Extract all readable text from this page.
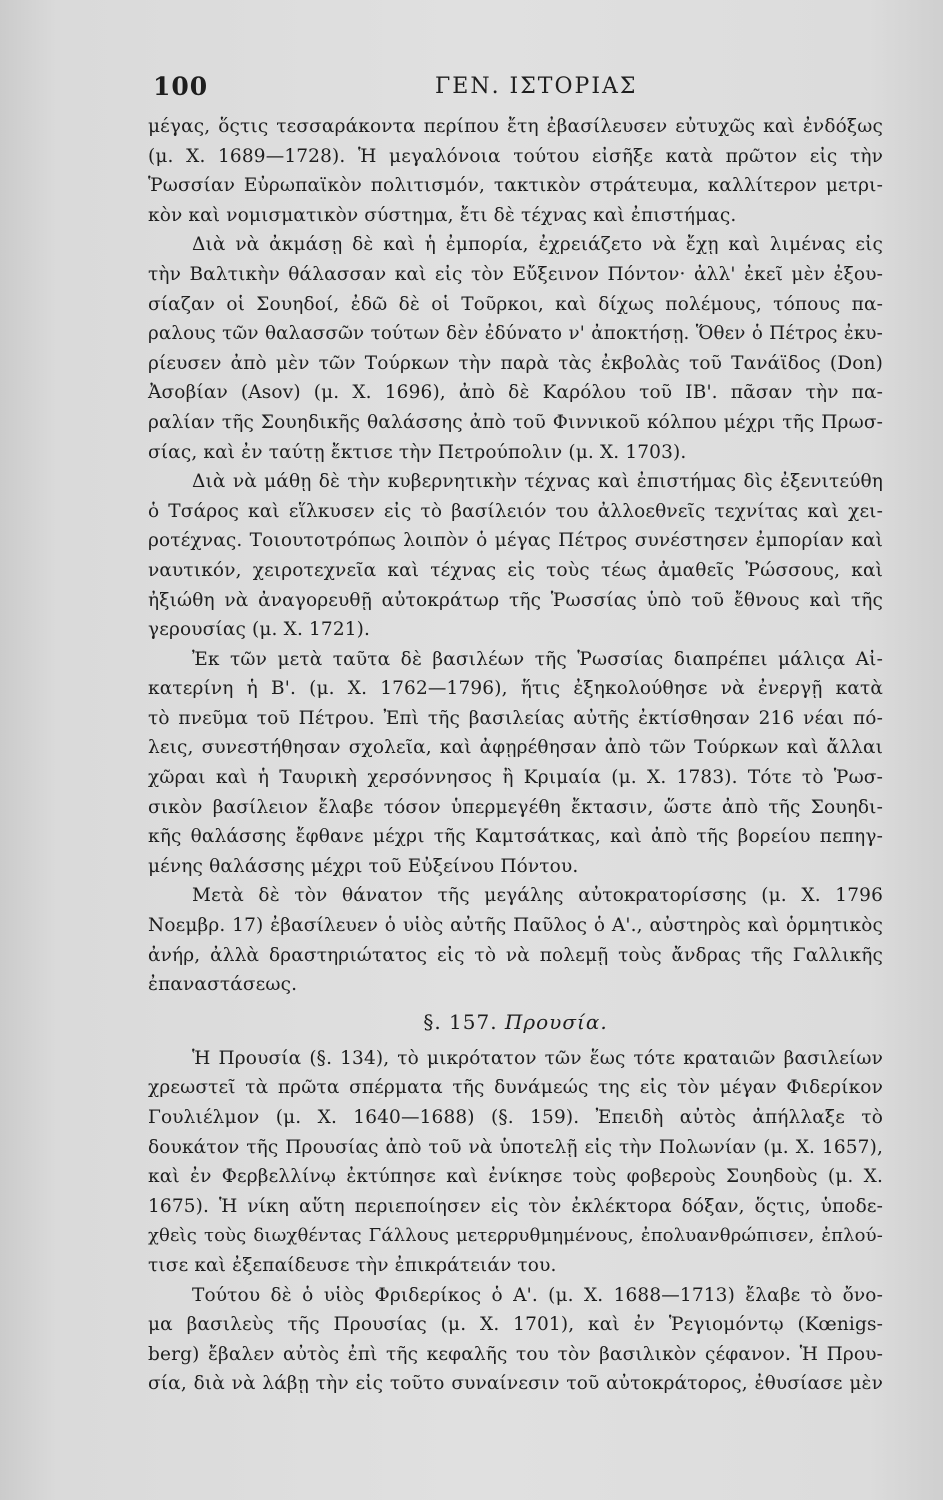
100	ΓΕΝ. ΙΣΤΟΡΙΑΣ
μέγας, ὅςτις τεσσαράκοντα περίπου ἔτη ἐβασίλευσεν εὐτυχῶς καὶ ἐνδόξως
(μ. Χ. 1689—1728). Ἡ μεγαλόνοια τούτου εἰσῆξε κατὰ πρῶτον εἰς τὴν
Ῥωσσίαν Εὐρωπαϊκὸν πολιτισμόν, τακτικὸν στράτευμα, καλλίτερον μετρι-
κὸν καὶ νομισματικὸν σύστημα, ἔτι δὲ τέχνας καὶ ἐπιστήμας.
Διὰ νὰ ἀκμάσῃ δὲ καὶ ἡ ἐμπορία, ἐχρειάζετο νὰ ἔχῃ καὶ λιμένας εἰς
τὴν Βαλτικὴν θάλασσαν καὶ εἰς τὸν Εὔξεινον Πόντον· ἀλλ' ἐκεῖ μὲν ἐξου-
σίαζαν οἱ Σουηδοί, ἐδῶ δὲ οἱ Τοῦρκοι, καὶ δίχως πολέμους, τόπους πα-
ραλους τῶν θαλασσῶν τούτων δὲν ἐδύνατο ν' ἀποκτήσῃ. Ὅθεν ὁ Πέτρος ἐκυ-
ρίευσεν ἀπὸ μὲν τῶν Τούρκων τὴν παρὰ τὰς ἐκβολὰς τοῦ Τανάϊδος (Don)
Ἀσοβίαν (Asov) (μ. Χ. 1696), ἀπὸ δὲ Καρόλου τοῦ ΙΒ'. πᾶσαν τὴν πα-
ραλίαν τῆς Σουηδικῆς θαλάσσης ἀπὸ τοῦ Φιννικοῦ κόλπου μέχρι τῆς Πρωσ-
σίας, καὶ ἐν ταύτῃ ἔκτισε τὴν Πετρούπολιν (μ. Χ. 1703).
Διὰ νὰ μάθῃ δὲ τὴν κυβερνητικὴν τέχνας καὶ ἐπιστήμας δὶς ἐξενιτεύθη
ὁ Τσάρος καὶ εἵλκυσεν εἰς τὸ βασίλειόν του ἀλλοεθνεῖς τεχνίτας καὶ χει-
ροτέχνας. Τοιουτοτρόπως λοιπὸν ὁ μέγας Πέτρος συνέστησεν ἐμπορίαν καὶ
ναυτικόν, χειροτεχνεῖα καὶ τέχνας εἰς τοὺς τέως ἀμαθεῖς Ῥώσσους, καὶ
ἠξιώθη νὰ ἀναγορευθῇ αὐτοκράτωρ τῆς Ῥωσσίας ὑπὸ τοῦ ἔθνους καὶ τῆς
γερουσίας (μ. Χ. 1721).
Ἐκ τῶν μετὰ ταῦτα δὲ βασιλέων τῆς Ῥωσσίας διαπρέπει μάλιςα Αἰ-
κατερίνη ἡ Β'. (μ. Χ. 1762—1796), ἥτις ἐξηκολούθησε νὰ ἐνεργῇ κατὰ
τὸ πνεῦμα τοῦ Πέτρου. Ἐπὶ τῆς βασιλείας αὐτῆς ἐκτίσθησαν 216 νέαι πό-
λεις, συνεστήθησαν σχολεῖα, καὶ ἀφῃρέθησαν ἀπὸ τῶν Τούρκων καὶ ἄλλαι
χῶραι καὶ ἡ Ταυρικὴ χερσόννησος ἢ Κριμαία (μ. Χ. 1783). Τότε τὸ Ῥωσ-
σικὸν βασίλειον ἔλαβε τόσον ὑπερμεγέθη ἔκτασιν, ὥστε ἀπὸ τῆς Σουηδι-
κῆς θαλάσσης ἔφθανε μέχρι τῆς Καμτσάτκας, καὶ ἀπὸ τῆς βορείου πεπηγ-
μένης θαλάσσης μέχρι τοῦ Εὐξείνου Πόντου.
Μετὰ δὲ τὸν θάνατον τῆς μεγάλης αὐτοκρατορίσσης (μ. Χ. 1796
Νοεμβρ. 17) ἐβασίλευεν ὁ υἱὸς αὐτῆς Παῦλος ὁ Α'., αὐστηρὸς καὶ ὁρμητικὸς
ἀνήρ, ἀλλὰ δραστηριώτατος εἰς τὸ νὰ πολεμῇ τοὺς ἄνδρας τῆς Γαλλικῆς
ἐπαναστάσεως.
§. 157. Προυσία.
Ἡ Προυσία (§. 134), τὸ μικρότατον τῶν ἕως τότε κραταιῶν βασιλείων
χρεωστεῖ τὰ πρῶτα σπέρματα τῆς δυνάμεώς της εἰς τὸν μέγαν Φιδερίκον
Γουλιέλμον (μ. Χ. 1640—1688) (§. 159). Ἐπειδὴ αὐτὸς ἀπήλλαξε τὸ
δουκάτον τῆς Προυσίας ἀπὸ τοῦ νὰ ὑποτελῇ εἰς τὴν Πολωνίαν (μ. Χ. 1657),
καὶ ἐν Φερβελλίνῳ ἐκτύπησε καὶ ἐνίκησε τοὺς φοβεροὺς Σουηδοὺς (μ. Χ.
1675). Ἡ νίκη αὕτη περιεποίησεν εἰς τὸν ἐκλέκτορα δόξαν, ὅςτις, ὑποδε-
χθεὶς τοὺς διωχθέντας Γάλλους μετερρυθμημένους, ἐπολυανθρώπισεν, ἐπλού-
τισε καὶ ἐξεπαίδευσε τὴν ἐπικράτειάν του.
Τούτου δὲ ὁ υἱὸς Φριδερίκος ὁ Α'. (μ. Χ. 1688—1713) ἔλαβε τὸ ὄνο-
μα βασιλεὺς τῆς Προυσίας (μ. Χ. 1701), καὶ ἐν Ῥεγιομόντῳ (Kœnigs-
berg) ἔβαλεν αὐτὸς ἐπὶ τῆς κεφαλῆς του τὸν βασιλικὸν ςέφανον. Ἡ Πρου-
σία, διὰ νὰ λάβῃ τὴν εἰς τοῦτο συναίνεσιν τοῦ αὐτοκράτορος, ἐθυσίασε μὲν
